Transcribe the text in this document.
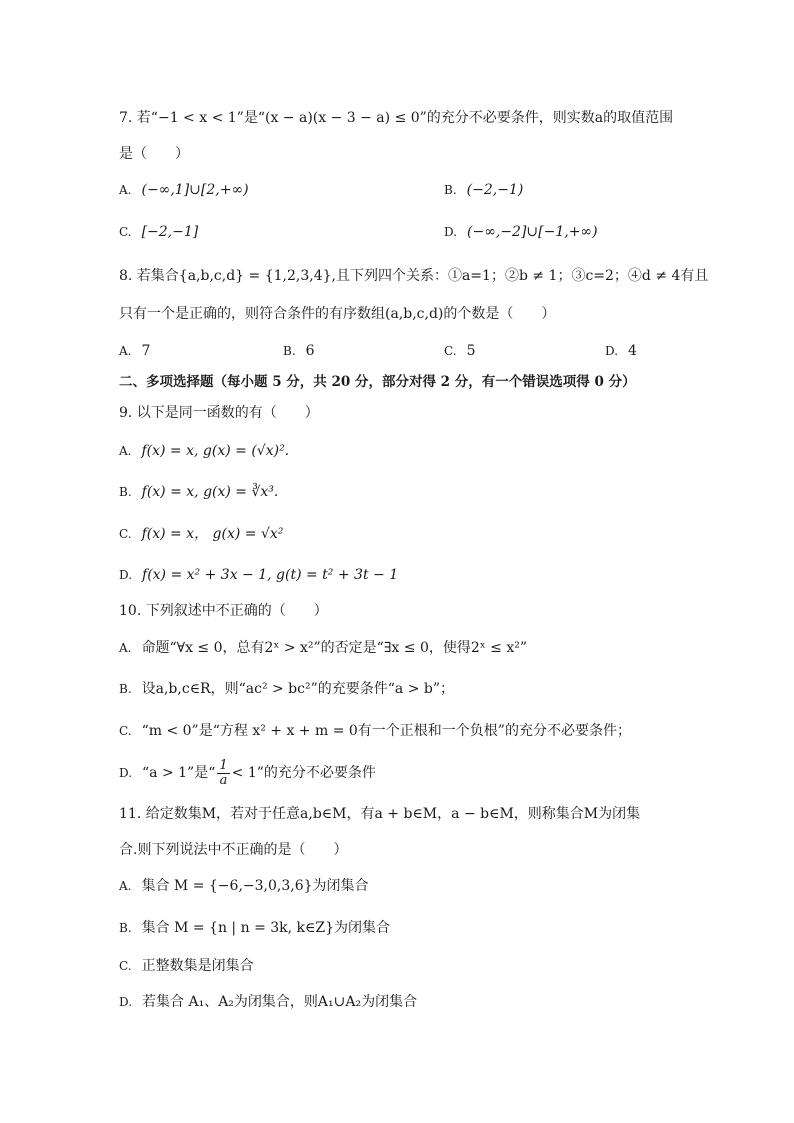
7. 若“−1 < x < 1”是“(x − a)(x − 3 − a) ≤ 0”的充分不必要条件，则实数a的取值范围
是（　　）
A. (−∞,1]∪[2,+∞)	B. (−2,−1)
C. [−2,−1]	D. (−∞,−2]∪[−1,+∞)
8. 若集合{a,b,c,d} = {1,2,3,4},且下列四个关系：①a=1；②b ≠ 1；③c=2；④d ≠ 4有且
只有一个是正确的，则符合条件的有序数组(a,b,c,d)的个数是（　　）
A. 7	B. 6	C. 5	D. 4
二、多项选择题（每小题 5 分，共 20 分，部分对得 2 分，有一个错误选项得 0 分）
9. 以下是同一函数的有（　　）
A. f(x) = x, g(x) = (√x)².
B. f(x) = x, g(x) = ∛x³.
C. f(x) = x， g(x) = √x²
D. f(x) = x² + 3x − 1, g(t) = t² + 3t − 1
10. 下列叙述中不正确的（　　）
A. 命题“∀x ≤ 0，总有2ˣ > x²”的否定是“∃x ≤ 0，使得2ˣ ≤ x²”
B. 设a,b,c∈R，则“ac² > bc²”的充要条件“a > b”；
C. “m < 0”是“方程 x² + x + m = 0有一个正根和一个负根”的充分不必要条件；
D. “a > 1”是“ $\frac{1}{a} < 1$”的充分不必要条件
11. 给定数集M，若对于任意a,b∈M，有a + b∈M，a − b∈M，则称集合M为闭集
合.则下列说法中不正确的是（　　）
A. 集合 M = {−6,−3,0,3,6}为闭集合
B. 集合 M = {n | n = 3k, k∈Z}为闭集合
C. 正整数集是闭集合
D. 若集合 A₁、A₂为闭集合，则A₁∪A₂为闭集合
